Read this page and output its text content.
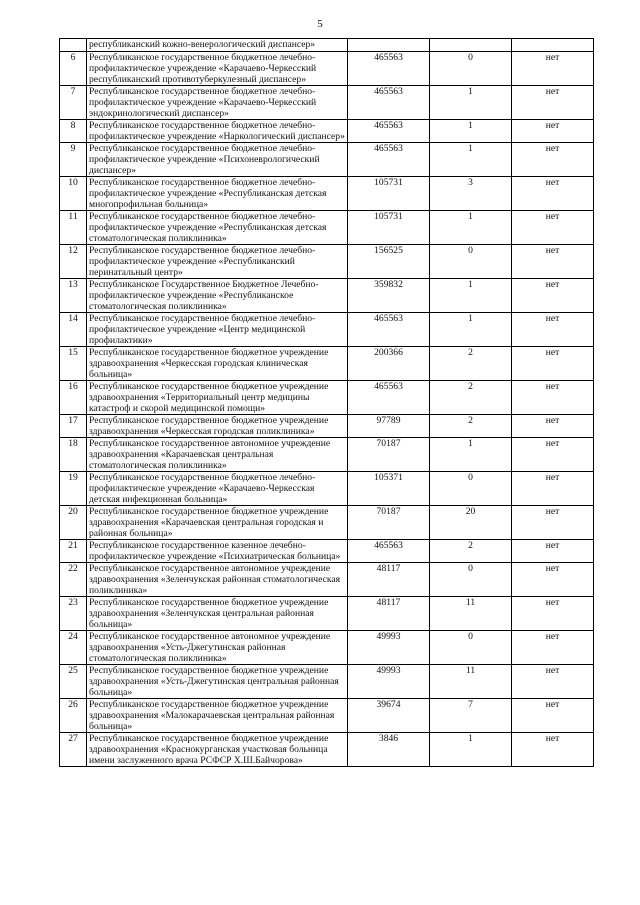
5
	республиканский кожно-венерологический диспансер»			
6	Республиканское государственное бюджетное лечебно-профилактическое учреждение «Карачаево-Черкесский республиканский противотуберкулезный диспансер»	465563	0	нет
7	Республиканское государственное бюджетное лечебно-профилактическое учреждение «Карачаево-Черкесский эндокринологический диспансер»	465563	1	нет
8	Республиканское государственное бюджетное лечебно-профилактическое учреждение «Наркологический диспансер»	465563	1	нет
9	Республиканское государственное бюджетное лечебно-профилактическое учреждение «Психоневрологический диспансер»	465563	1	нет
10	Республиканское государственное бюджетное лечебно-профилактическое учреждение «Республиканская детская многопрофильная больница»	105731	3	нет
11	Республиканское государственное бюджетное лечебно-профилактическое учреждение «Республиканская детская стоматологическая поликлиника»	105731	1	нет
12	Республиканское государственное бюджетное лечебно-профилактическое учреждение «Республиканский перинатальный центр»	156525	0	нет
13	Республиканское Государственное Бюджетное Лечебно-профилактическое учреждение «Республиканское стоматологическая поликлиника»	359832	1	нет
14	Республиканское государственное бюджетное лечебно-профилактическое учреждение «Центр медицинской профилактики»	465563	1	нет
15	Республиканское государственное бюджетное учреждение здравоохранения «Черкесская городская клиническая больница»	200366	2	нет
16	Республиканское государственное бюджетное учреждение здравоохранения «Территориальный центр медицины катастроф и скорой медицинской помощи»	465563	2	нет
17	Республиканское государственное бюджетное учреждение здравоохранения «Черкесская городская поликлиника»	97789	2	нет
18	Республиканское государственное автономное учреждение здравоохранения «Карачаевская центральная стоматологическая поликлиника»	70187	1	нет
19	Республиканское государственное бюджетное лечебно-профилактическое учреждение «Карачаево-Черкесская детская инфекционная больница»	105371	0	нет
20	Республиканское государственное бюджетное учреждение здравоохранения «Карачаевская центральная городская и районная больница»	70187	20	нет
21	Республиканское государственное казенное лечебно-профилактическое учреждение «Психиатрическая больница»	465563	2	нет
22	Республиканское государственное автономное учреждение здравоохранения «Зеленчукская районная стоматологическая поликлиника»	48117	0	нет
23	Республиканское государственное бюджетное учреждение здравоохранения «Зеленчукская центральная районная больница»	48117	11	нет
24	Республиканское государственное автономное учреждение здравоохранения «Усть-Джегутинская районная стоматологическая поликлиника»	49993	0	нет
25	Республиканское государственное бюджетное учреждение здравоохранения «Усть-Джегутинская центральная районная больница»	49993	11	нет
26	Республиканское государственное бюджетное учреждение здравоохранения «Малокарачаевская центральная районная больница»	39674	7	нет
27	Республиканское государственное бюджетное учреждение здравоохранения «Краснокурганская участковая больница имени заслуженного врача РСФСР Х.Ш.Байчорова»	3846	1	нет
